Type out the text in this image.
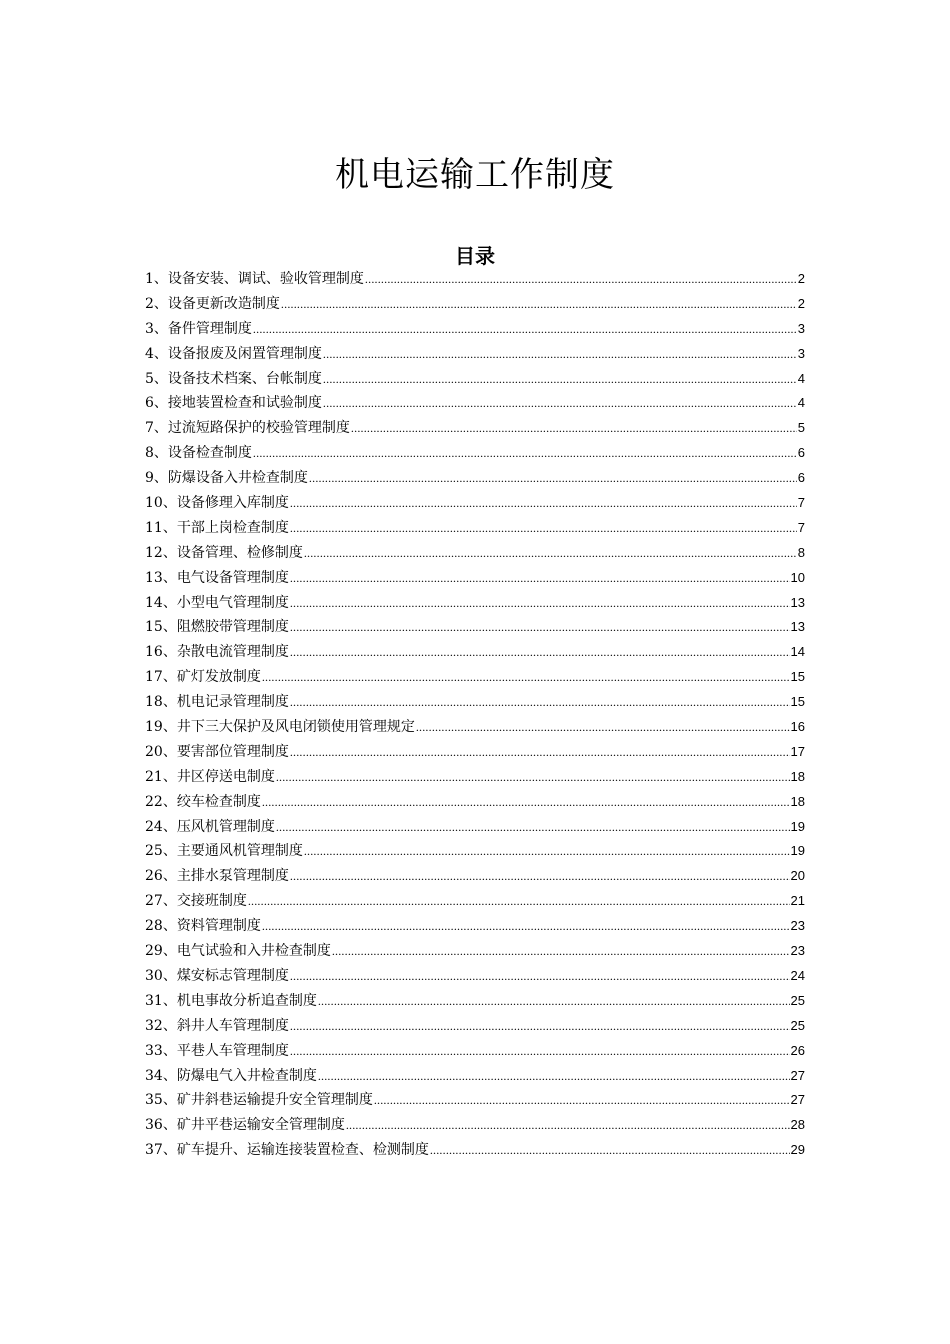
机电运输工作制度
目录
1、设备安装、调试、验收管理制度 .....	2
2、设备更新改造制度 .....	2
3、备件管理制度 .....	3
4、设备报废及闲置管理制度 .....	3
5、设备技术档案、台帐制度 .....	4
6、接地装置检查和试验制度 .....	4
7、过流短路保护的校验管理制度 .....	5
8、设备检查制度 .....	6
9、防爆设备入井检查制度 .....	6
10、设备修理入库制度 .....	7
11、干部上岗检查制度 .....	7
12、设备管理、检修制度 .....	8
13、电气设备管理制度 .....	10
14、小型电气管理制度 .....	13
15、阻燃胶带管理制度 .....	13
16、杂散电流管理制度 .....	14
17、矿灯发放制度 .....	15
18、机电记录管理制度 .....	15
19、井下三大保护及风电闭锁使用管理规定 .....	16
20、要害部位管理制度 .....	17
21、井区停送电制度 .....	18
22、绞车检查制度 .....	18
24、压风机管理制度 .....	19
25、主要通风机管理制度 .....	19
26、主排水泵管理制度 .....	20
27、交接班制度 .....	21
28、资料管理制度 .....	23
29、电气试验和入井检查制度 .....	23
30、煤安标志管理制度 .....	24
31、机电事故分析追查制度 .....	25
32、斜井人车管理制度 .....	25
33、平巷人车管理制度 .....	26
34、防爆电气入井检查制度 .....	27
35、矿井斜巷运输提升安全管理制度 .....	27
36、矿井平巷运输安全管理制度 .....	28
37、矿车提升、运输连接装置检查、检测制度 .....	29
